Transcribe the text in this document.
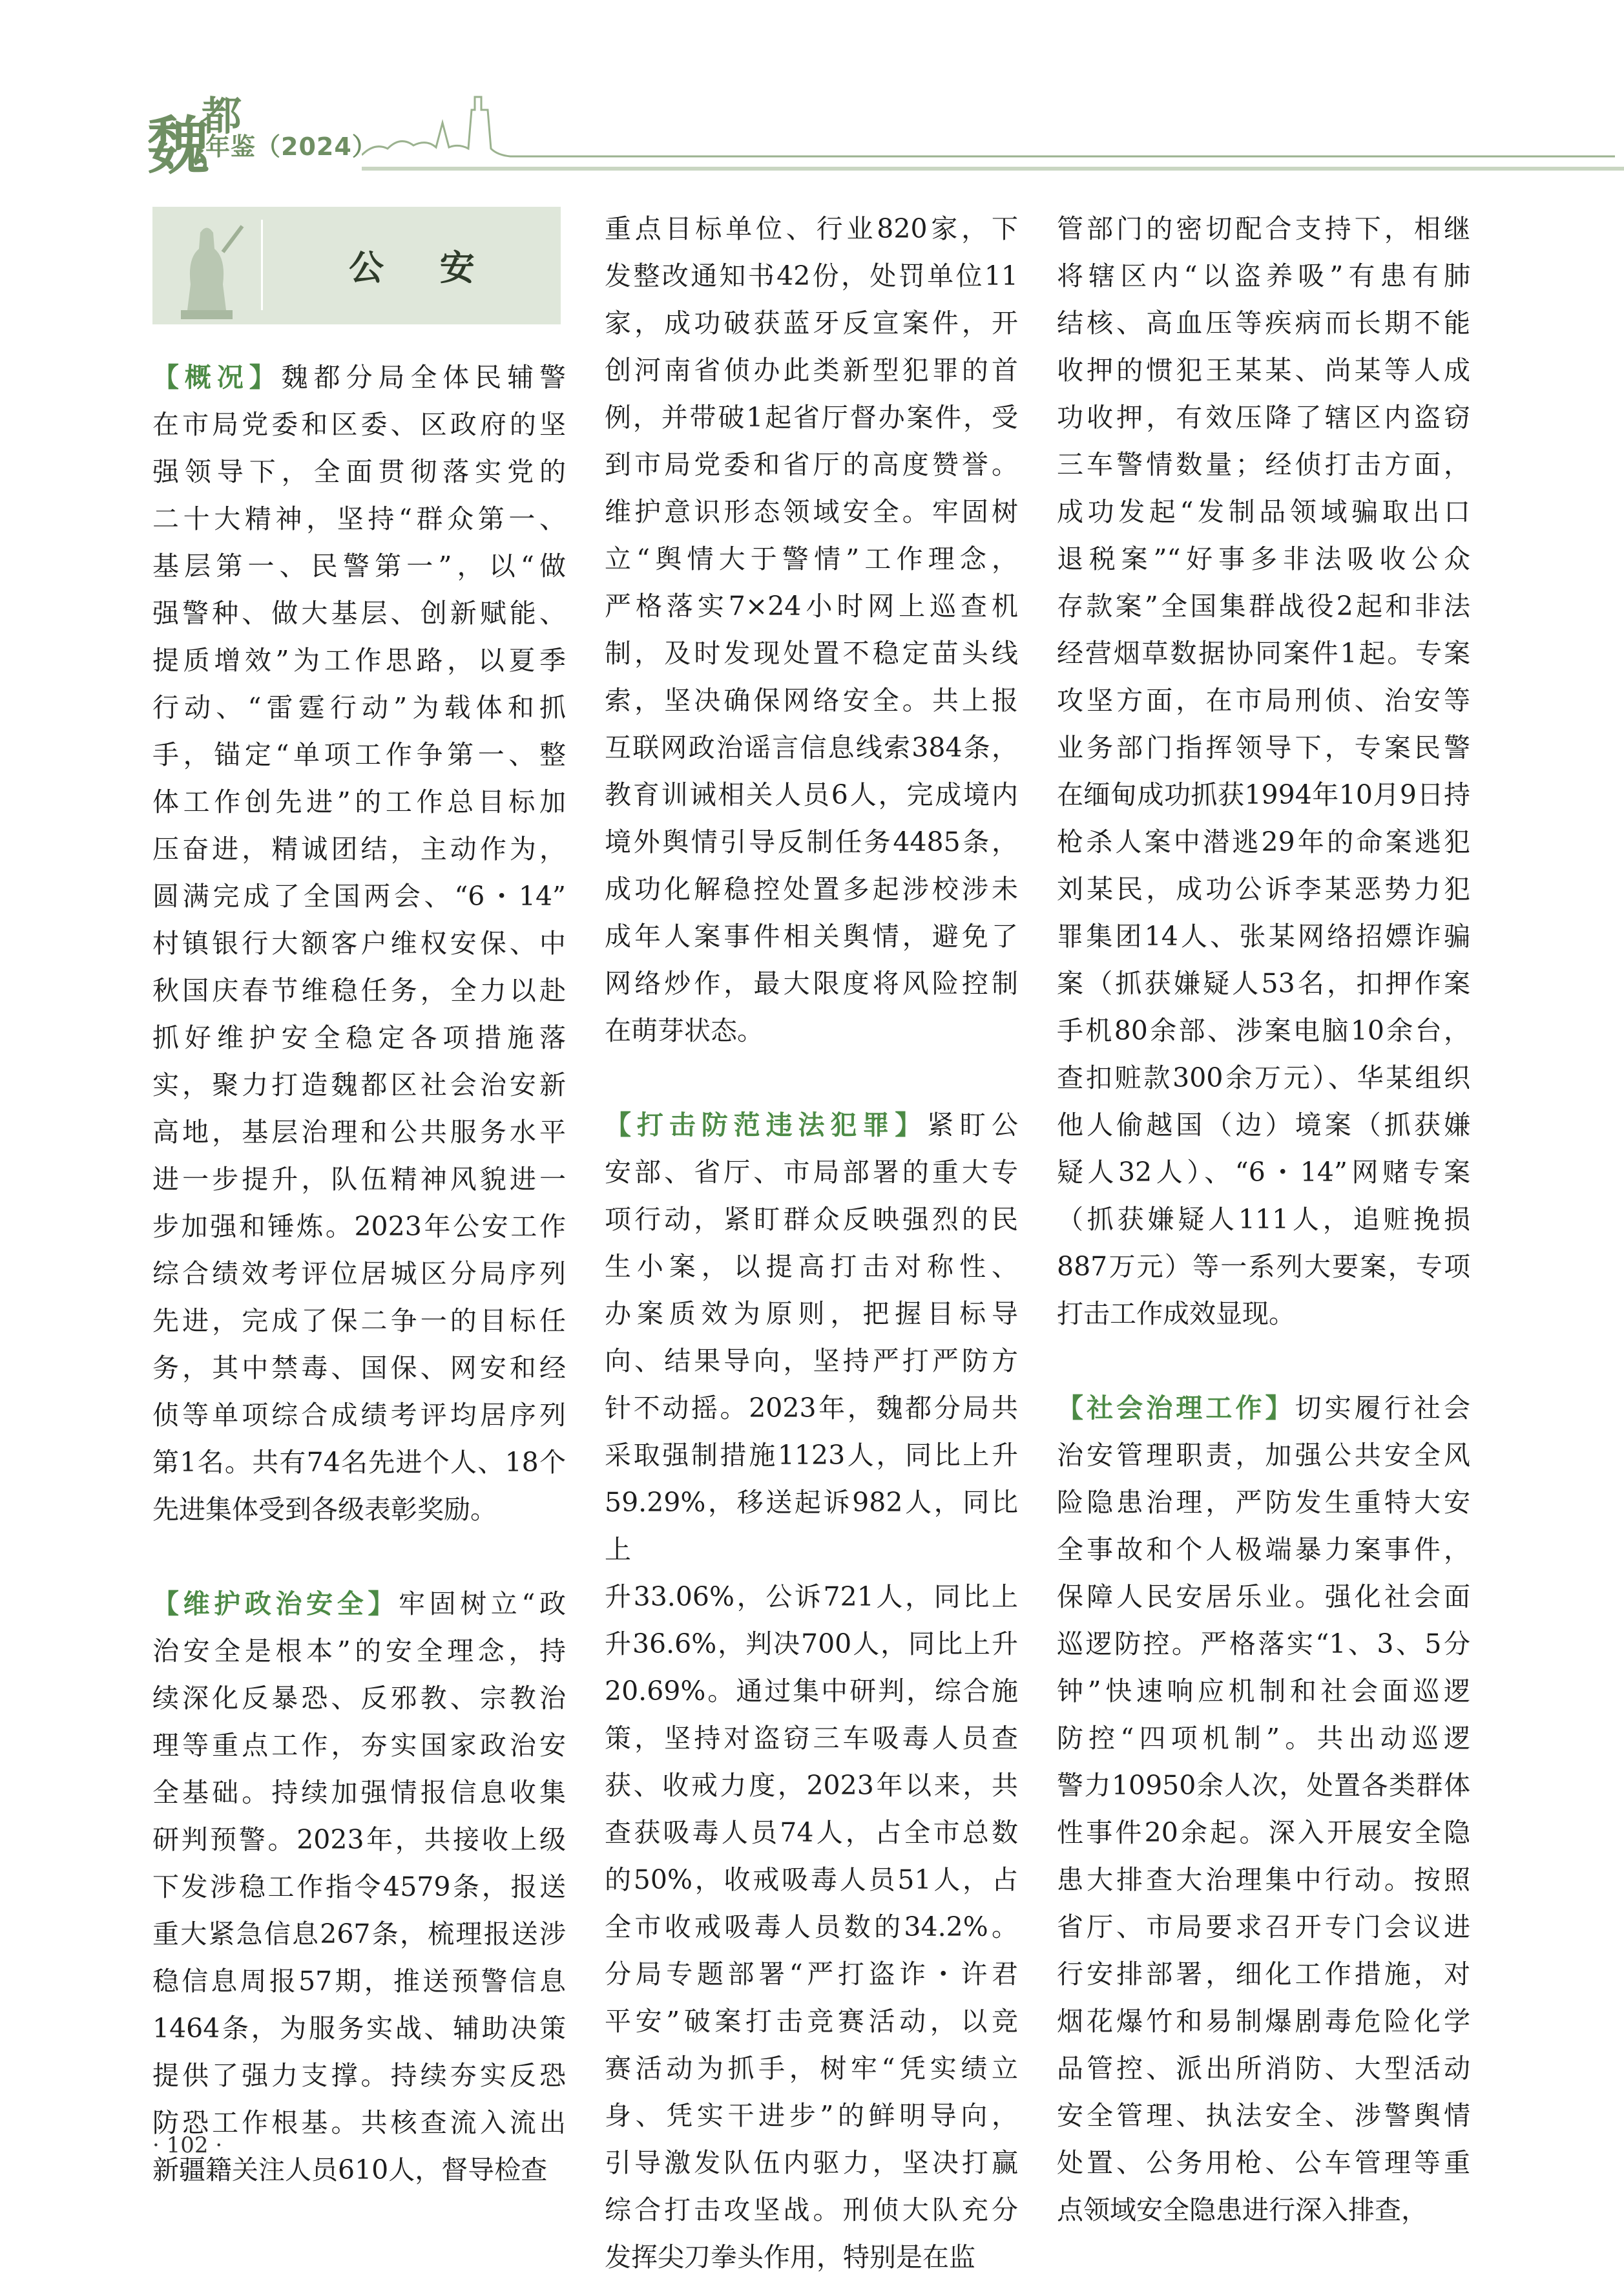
魏
都
年鉴（2024）
公 安

【概况】魏都分局全体民辅警

在市局党委和区委、区政府的坚

强领导下，全面贯彻落实党的

二十大精神，坚持“群众第一、

基层第一、民警第一”，以“做

强警种、做大基层、创新赋能、

提质增效”为工作思路，以夏季

行动、“雷霆行动”为载体和抓

手，锚定“单项工作争第一、整

体工作创先进”的工作总目标加

压奋进，精诚团结，主动作为，

圆满完成了全国两会、“6・14”

村镇银行大额客户维权安保、中

秋国庆春节维稳任务，全力以赴

抓好维护安全稳定各项措施落

实，聚力打造魏都区社会治安新

高地，基层治理和公共服务水平

进一步提升，队伍精神风貌进一

步加强和锤炼。2023年公安工作

综合绩效考评位居城区分局序列

先进，完成了保二争一的目标任

务，其中禁毒、国保、网安和经

侦等单项综合成绩考评均居序列

第1名。共有74名先进个人、18个

先进集体受到各级表彰奖励。

【维护政治安全】牢固树立“政

治安全是根本”的安全理念，持

续深化反暴恐、反邪教、宗教治

理等重点工作，夯实国家政治安

全基础。持续加强情报信息收集

研判预警。2023年，共接收上级

下发涉稳工作指令4579条，报送

重大紧急信息267条，梳理报送涉

稳信息周报57期，推送预警信息

1464条，为服务实战、辅助决策

提供了强力支撑。持续夯实反恐

防恐工作根基。共核查流入流出

新疆籍关注人员610人，督导检查

重点目标单位、行业820家，下

发整改通知书42份，处罚单位11

家，成功破获蓝牙反宣案件，开

创河南省侦办此类新型犯罪的首

例，并带破1起省厅督办案件，受

到市局党委和省厅的高度赞誉。

维护意识形态领域安全。牢固树

立“舆情大于警情”工作理念，

严格落实7×24小时网上巡查机

制，及时发现处置不稳定苗头线

索，坚决确保网络安全。共上报

互联网政治谣言信息线索384条，

教育训诫相关人员6人，完成境内

境外舆情引导反制任务4485条，

成功化解稳控处置多起涉校涉未

成年人案事件相关舆情，避免了

网络炒作，最大限度将风险控制

在萌芽状态。

【打击防范违法犯罪】紧盯公

安部、省厅、市局部署的重大专

项行动，紧盯群众反映强烈的民

生小案，以提高打击对称性、

办案质效为原则，把握目标导

向、结果导向，坚持严打严防方

针不动摇。2023年，魏都分局共

采取强制措施1123人，同比上升

59.29%，移送起诉982人，同比上

升33.06%，公诉721人，同比上

升36.6%，判决700人，同比上升

20.69%。通过集中研判，综合施

策，坚持对盗窃三车吸毒人员查

获、收戒力度，2023年以来，共

查获吸毒人员74人，占全市总数

的50%，收戒吸毒人员51人，占

全市收戒吸毒人员数的34.2%。

分局专题部署“严打盗诈・许君

平安”破案打击竞赛活动，以竞

赛活动为抓手，树牢“凭实绩立

身、凭实干进步”的鲜明导向，

引导激发队伍内驱力，坚决打赢

综合打击攻坚战。刑侦大队充分

发挥尖刀拳头作用，特别是在监

管部门的密切配合支持下，相继

将辖区内“以盗养吸”有患有肺

结核、高血压等疾病而长期不能

收押的惯犯王某某、尚某等人成

功收押，有效压降了辖区内盗窃

三车警情数量；经侦打击方面，

成功发起“发制品领域骗取出口

退税案”“好事多非法吸收公众

存款案”全国集群战役2起和非法

经营烟草数据协同案件1起。专案

攻坚方面，在市局刑侦、治安等

业务部门指挥领导下，专案民警

在缅甸成功抓获1994年10月9日持

枪杀人案中潜逃29年的命案逃犯

刘某民，成功公诉李某恶势力犯

罪集团14人、张某网络招嫖诈骗

案（抓获嫌疑人53名，扣押作案

手机80余部、涉案电脑10余台，

查扣赃款300余万元）、华某组织

他人偷越国（边）境案（抓获嫌

疑人32人）、“6・14”网赌专案

（抓获嫌疑人111人，追赃挽损

887万元）等一系列大要案，专项

打击工作成效显现。

【社会治理工作】切实履行社会

治安管理职责，加强公共安全风

险隐患治理，严防发生重特大安

全事故和个人极端暴力案事件，

保障人民安居乐业。强化社会面

巡逻防控。严格落实“1、3、5分

钟”快速响应机制和社会面巡逻

防控“四项机制”。共出动巡逻

警力10950余人次，处置各类群体

性事件20余起。深入开展安全隐

患大排查大治理集中行动。按照

省厅、市局要求召开专门会议进

行安排部署，细化工作措施，对

烟花爆竹和易制爆剧毒危险化学

品管控、派出所消防、大型活动

安全管理、执法安全、涉警舆情

处置、公务用枪、公车管理等重

点领域安全隐患进行深入排查，

· 102 ·
